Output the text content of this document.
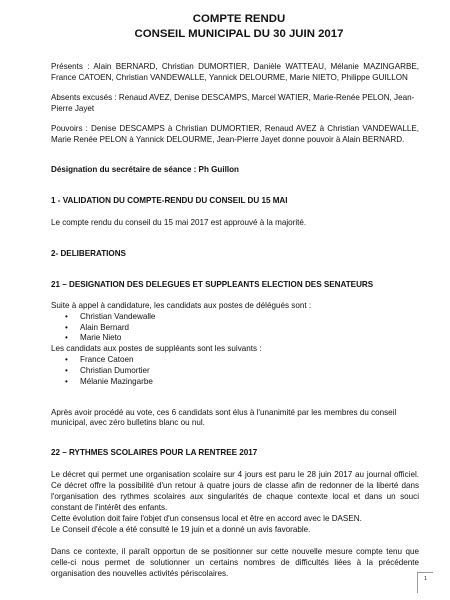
COMPTE RENDU
CONSEIL MUNICIPAL DU 30 JUIN 2017

Présents : Alain BERNARD, Christian DUMORTIER, Danièle WATTEAU, Mélanie MAZINGARBE, France CATOEN, Christian VANDEWALLE, Yannick DELOURME, Marie NIETO, Philippe GUILLON

Absents excusés : Renaud AVEZ, Denise DESCAMPS, Marcel WATIER, Marie-Renée PELON, Jean-Pierre Jayet

Pouvoirs : Denise DESCAMPS à Christian DUMORTIER, Renaud AVEZ à Christian VANDEWALLE, Marie Renée PELON à Yannick DELOURME, Jean-Pierre Jayet donne pouvoir à Alain BERNARD.

Désignation du secrétaire de séance : Ph Guillon

1 - VALIDATION DU COMPTE-RENDU DU CONSEIL DU 15 MAI

Le compte rendu du conseil du 15 mai 2017 est approuvé à la majorité.

2- DELIBERATIONS

21 – DESIGNATION DES DELEGUES ET SUPPLEANTS ELECTION DES SENATEURS

Suite à appel à candidature, les candidats aux postes de délégués sont :

• Christian Vandewalle
• Alain Bernard
• Marie Nieto

Les candidats aux postes de suppléants sont les suivants :

• France Catoen
• Christian Dumortier
• Mélanie Mazingarbe

Après avoir procédé au vote, ces 6 candidats sont élus à l'unanimité par les membres du conseil municipal, avec zéro bulletins blanc ou nul.

22 – RYTHMES SCOLAIRES POUR LA RENTREE 2017

Le décret qui permet une organisation scolaire sur 4 jours est paru le 28 juin 2017 au journal officiel. Ce décret offre la possibilité d'un retour à quatre jours de classe afin de redonner de la liberté dans l'organisation des rythmes scolaires aux singularités de chaque contexte local et dans un souci constant de l'intérêt des enfants.

Cette évolution doit faire l'objet d'un consensus local et être en accord avec le DASEN.

Le Conseil d'école a été consulté le 19 juin et a donné un avis favorable.

Dans ce contexte, il paraît opportun de se positionner sur cette nouvelle mesure compte tenu que celle-ci nous permet de solutionner un certains nombres de difficultés liées à la précédente organisation des nouvelles activités périscolaires.

1
